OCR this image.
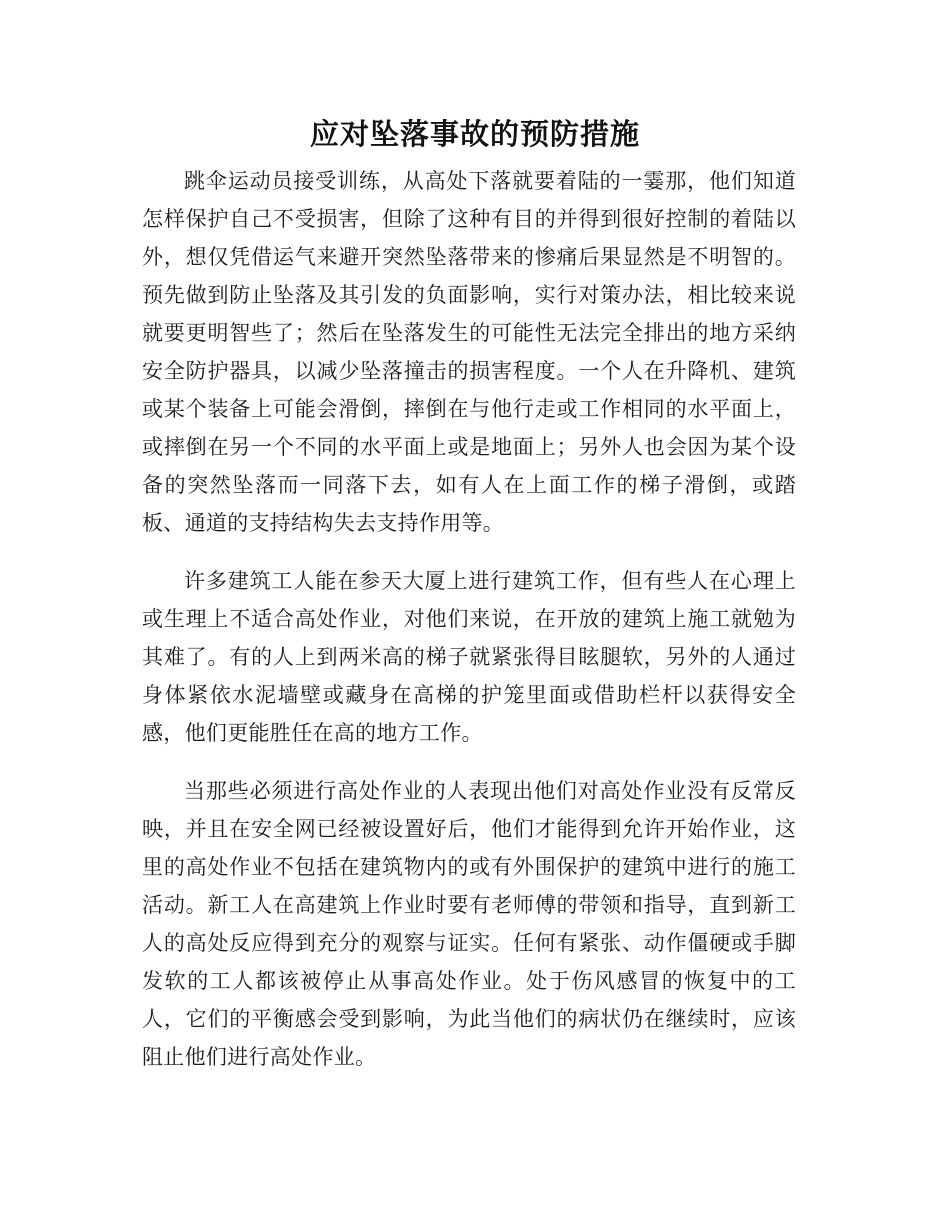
应对坠落事故的预防措施

跳伞运动员接受训练，从高处下落就要着陆的一霎那，他们知道怎样保护自己不受损害，但除了这种有目的并得到很好控制的着陆以外，想仅凭借运气来避开突然坠落带来的惨痛后果显然是不明智的。预先做到防止坠落及其引发的负面影响，实行对策办法，相比较来说就要更明智些了；然后在坠落发生的可能性无法完全排出的地方采纳安全防护器具，以减少坠落撞击的损害程度。一个人在升降机、建筑或某个装备上可能会滑倒，摔倒在与他行走或工作相同的水平面上，或摔倒在另一个不同的水平面上或是地面上；另外人也会因为某个设备的突然坠落而一同落下去，如有人在上面工作的梯子滑倒，或踏板、通道的支持结构失去支持作用等。

许多建筑工人能在参天大厦上进行建筑工作，但有些人在心理上或生理上不适合高处作业，对他们来说，在开放的建筑上施工就勉为其难了。有的人上到两米高的梯子就紧张得目眩腿软，另外的人通过身体紧依水泥墙壁或藏身在高梯的护笼里面或借助栏杆以获得安全感，他们更能胜任在高的地方工作。

当那些必须进行高处作业的人表现出他们对高处作业没有反常反映，并且在安全网已经被设置好后，他们才能得到允许开始作业，这里的高处作业不包括在建筑物内的或有外围保护的建筑中进行的施工活动。新工人在高建筑上作业时要有老师傅的带领和指导，直到新工人的高处反应得到充分的观察与证实。任何有紧张、动作僵硬或手脚发软的工人都该被停止从事高处作业。处于伤风感冒的恢复中的工人，它们的平衡感会受到影响，为此当他们的病状仍在继续时，应该阻止他们进行高处作业。
